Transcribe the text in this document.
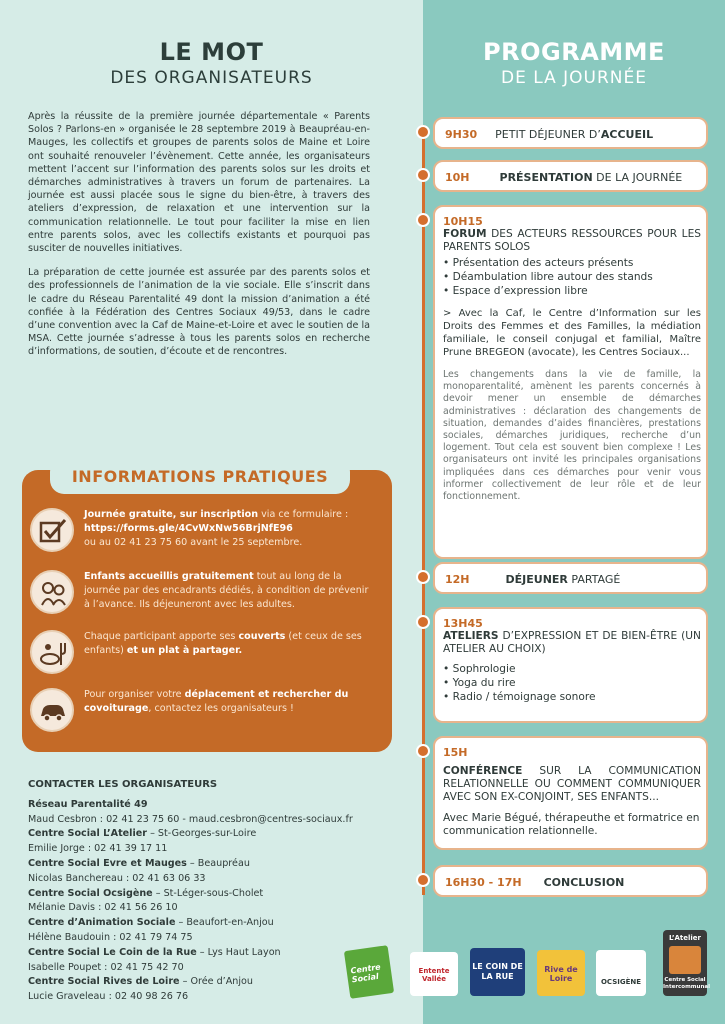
LE MOT
DES ORGANISATEURS

Après la réussite de la première journée départementale « Parents Solos ? Parlons-en » organisée le 28 septembre 2019 à Beaupréau-en-Mauges, les collectifs et groupes de parents solos de Maine et Loire ont souhaité renouveler l’évènement. Cette année, les organisateurs mettent l’accent sur l’information des parents solos sur les droits et démarches administratives à travers un forum de partenaires. La journée est aussi placée sous le signe du bien-être, à travers des ateliers d’expression, de relaxation et une intervention sur la communication relationnelle. Le tout pour faciliter la mise en lien entre parents solos, avec les collectifs existants et pourquoi pas susciter de nouvelles initiatives.

La préparation de cette journée est assurée par des parents solos et des professionnels de l’animation de la vie sociale. Elle s’inscrit dans le cadre du Réseau Parentalité 49 dont la mission d’animation a été confiée à la Fédération des Centres Sociaux 49/53, dans le cadre d’une convention avec la Caf de Maine-et-Loire et avec le soutien de la MSA. Cette journée s’adresse à tous les parents solos en recherche d’informations, de soutien, d’écoute et de rencontres.

INFORMATIONS PRATIQUES
Journée gratuite, sur inscription via ce formulaire :
https://forms.gle/4CvWxNw56BrjNfE96
ou au 02 41 23 75 60 avant le 25 septembre.
Enfants accueillis gratuitement tout au long de la journée par des encadrants dédiés, à condition de prévenir à l’avance. Ils déjeuneront avec les adultes.
Chaque participant apporte ses couverts (et ceux de ses enfants) et un plat à partager.
Pour organiser votre déplacement et rechercher du covoiturage, contactez les organisateurs !
CONTACTER LES ORGANISATEURS
Réseau Parentalité 49
Maud Cesbron : 02 41 23 75 60 - maud.cesbron@centres-sociaux.fr
Centre Social L’Atelier – St-Georges-sur-Loire
Emilie Jorge : 02 41 39 17 11
Centre Social Evre et Mauges – Beaupréau
Nicolas Banchereau : 02 41 63 06 33
Centre Social Ocsigène – St-Léger-sous-Cholet
Mélanie Davis : 02 41 56 26 10
Centre d’Animation Sociale – Beaufort-en-Anjou
Hélène Baudouin : 02 41 79 74 75
Centre Social Le Coin de la Rue – Lys Haut Layon
Isabelle Poupet : 02 41 75 42 70
Centre Social Rives de Loire – Orée d’Anjou
Lucie Graveleau : 02 40 98 26 76
Centre Social
PROGRAMME
DE LA JOURNÉE
9H30 PETIT DÉJEUNER D’ACCUEIL
10H	PRÉSENTATION DE LA JOURNÉE
10H15
FORUM DES ACTEURS RESSOURCES POUR LES PARENTS SOLOS
• Présentation des acteurs présents
• Déambulation libre autour des stands
• Espace d’expression libre
> Avec la Caf, le Centre d’Information sur les Droits des Femmes et des Familles, la médiation familiale, le conseil conjugal et familial, Maître Prune BREGEON (avocate), les Centres Sociaux...
Les changements dans la vie de famille, la monoparentalité, amènent les parents concernés à devoir mener un ensemble de démarches administratives : déclaration des changements de situation, demandes d’aides financières, prestations sociales, démarches juridiques, recherche d’un logement. Tout cela est souvent bien complexe ! Les organisateurs ont invité les principales organisations impliquées dans ces démarches pour venir vous informer collectivement de leur rôle et de leur fonctionnement.
12H	DÉJEUNER PARTAGÉ
13H45
ATELIERS D’EXPRESSION ET DE BIEN-ÊTRE (UN ATELIER AU CHOIX)
• Sophrologie
• Yoga du rire
• Radio / témoignage sonore
15H
CONFÉRENCE SUR LA COMMUNICATION RELATIONNELLE OU COMMENT COMMUNIQUER AVEC SON EX-CONJOINT, SES ENFANTS...
Avec Marie Bégué, thérapeuthe et formatrice en communication relationnelle.
16H30 - 17H CONCLUSION
Entente Vallée
LE COIN DE LA RUE
Rive de Loire	OCSIGÈNE
L’Atelier
Centre Social Intercommunal
